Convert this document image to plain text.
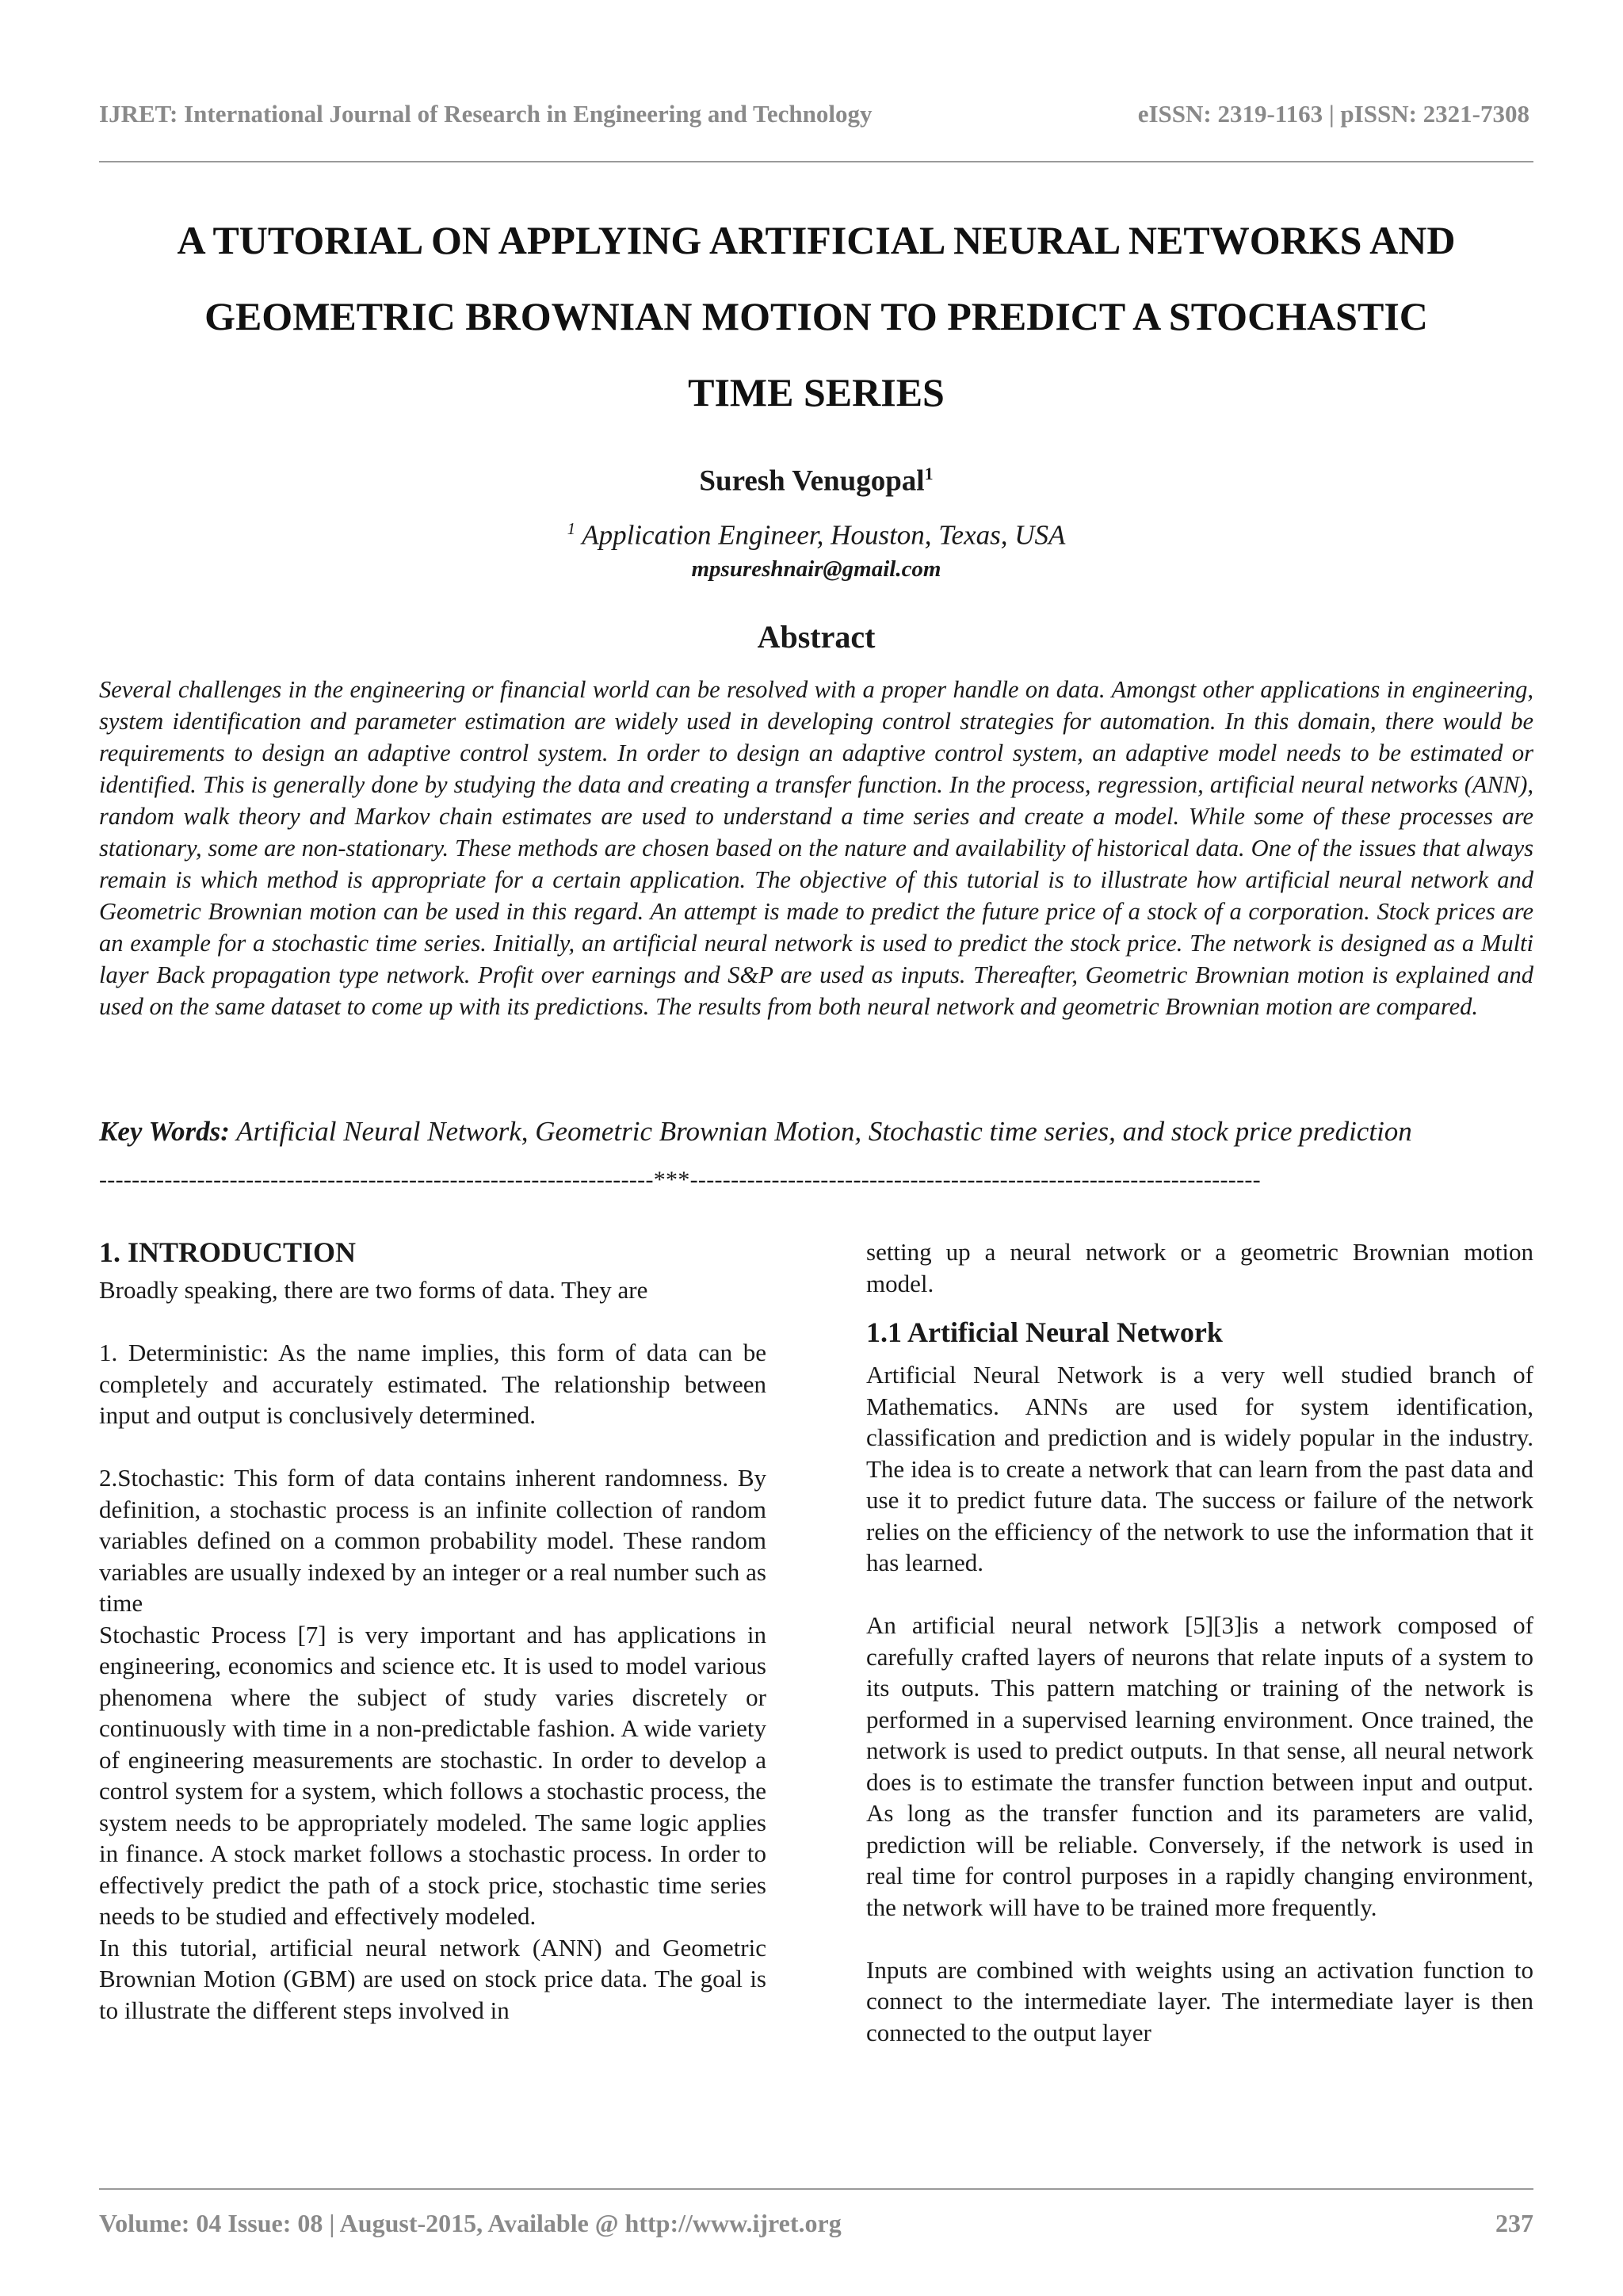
IJRET: International Journal of Research in Engineering and Technology	eISSN: 2319-1163 | pISSN: 2321-7308
A TUTORIAL ON APPLYING ARTIFICIAL NEURAL NETWORKS AND
GEOMETRIC BROWNIAN MOTION TO PREDICT A STOCHASTIC
TIME SERIES
Suresh Venugopal$^1$
$^1$ Application Engineer, Houston, Texas, USA
mpsureshnair@gmail.com
Abstract
Several challenges in the engineering or financial world can be resolved with a proper handle on data. Amongst other applications in engineering, system identification and parameter estimation are widely used in developing control strategies for automation. In this domain, there would be requirements to design an adaptive control system. In order to design an adaptive control system, an adaptive model needs to be estimated or identified. This is generally done by studying the data and creating a transfer function. In the process, regression, artificial neural networks (ANN), random walk theory and Markov chain estimates are used to understand a time series and create a model. While some of these processes are stationary, some are non-stationary. These methods are chosen based on the nature and availability of historical data. One of the issues that always remain is which method is appropriate for a certain application. The objective of this tutorial is to illustrate how artificial neural network and Geometric Brownian motion can be used in this regard. An attempt is made to predict the future price of a stock of a corporation. Stock prices are an example for a stochastic time series. Initially, an artificial neural network is used to predict the stock price. The network is designed as a Multi layer Back propagation type network. Profit over earnings and S&P are used as inputs. Thereafter, Geometric Brownian motion is explained and used on the same dataset to come up with its predictions. The results from both neural network and geometric Brownian motion are compared.
Key Words: Artificial Neural Network, Geometric Brownian Motion, Stochastic time series, and stock price prediction
--------------------------------------------------------------------***----------------------------------------------------------------------
1. INTRODUCTION

Broadly speaking, there are two forms of data. They are

1. Deterministic: As the name implies, this form of data can be completely and accurately estimated. The relationship between input and output is conclusively determined.

2.Stochastic: This form of data contains inherent randomness. By definition, a stochastic process is an infinite collection of random variables defined on a common probability model. These random variables are usually indexed by an integer or a real number such as time

Stochastic Process [7] is very important and has applications in engineering, economics and science etc. It is used to model various phenomena where the subject of study varies discretely or continuously with time in a non-predictable fashion. A wide variety of engineering measurements are stochastic. In order to develop a control system for a system, which follows a stochastic process, the system needs to be appropriately modeled. The same logic applies in finance. A stock market follows a stochastic process. In order to effectively predict the path of a stock price, stochastic time series needs to be studied and effectively modeled.

In this tutorial, artificial neural network (ANN) and Geometric Brownian Motion (GBM) are used on stock price data. The goal is to illustrate the different steps involved in

setting up a neural network or a geometric Brownian motion model.

1.1 Artificial Neural Network

Artificial Neural Network is a very well studied branch of Mathematics. ANNs are used for system identification, classification and prediction and is widely popular in the industry. The idea is to create a network that can learn from the past data and use it to predict future data. The success or failure of the network relies on the efficiency of the network to use the information that it has learned.

An artificial neural network [5][3]is a network composed of carefully crafted layers of neurons that relate inputs of a system to its outputs. This pattern matching or training of the network is performed in a supervised learning environment. Once trained, the network is used to predict outputs. In that sense, all neural network does is to estimate the transfer function between input and output. As long as the transfer function and its parameters are valid, prediction will be reliable. Conversely, if the network is used in real time for control purposes in a rapidly changing environment, the network will have to be trained more frequently.

Inputs are combined with weights using an activation function to connect to the intermediate layer. The intermediate layer is then connected to the output layer

Volume: 04 Issue: 08 | August-2015, Available @ http://www.ijret.org	237
